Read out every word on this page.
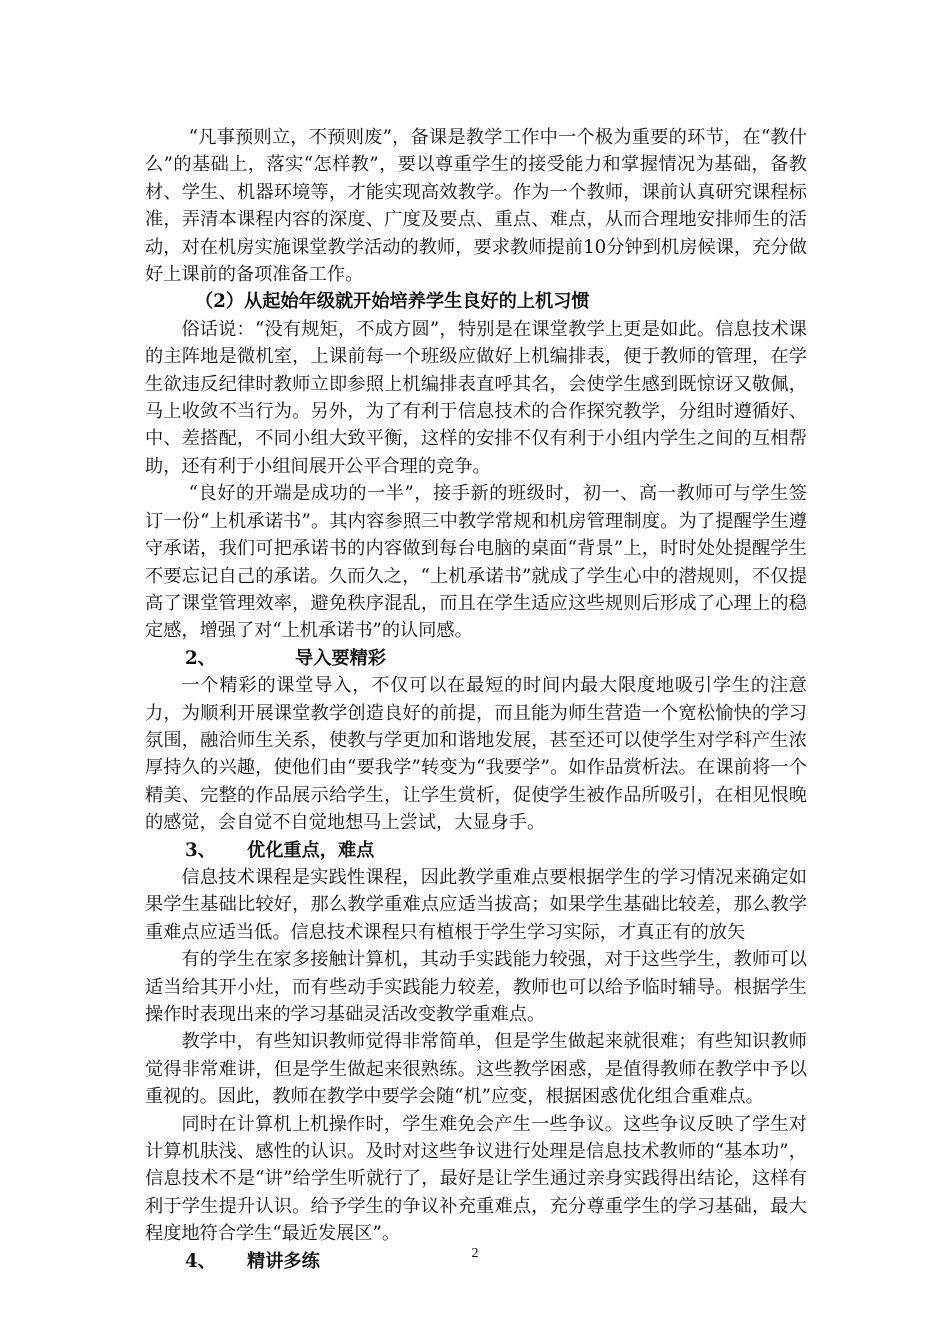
“凡事预则立，不预则废”，备课是教学工作中一个极为重要的环节，在“教什么”的基础上，落实“怎样教”，要以尊重学生的接受能力和掌握情况为基础，备教材、学生、机器环境等，才能实现高效教学。作为一个教师，课前认真研究课程标准，弄清本课程内容的深度、广度及要点、重点、难点，从而合理地安排师生的活动，对在机房实施课堂教学活动的教师，要求教师提前10分钟到机房候课，充分做好上课前的备项准备工作。

（2）从起始年级就开始培养学生良好的上机习惯

俗话说：“没有规矩，不成方圆”，特别是在课堂教学上更是如此。信息技术课的主阵地是微机室，上课前每一个班级应做好上机编排表，便于教师的管理，在学生欲违反纪律时教师立即参照上机编排表直呼其名，会使学生感到既惊讶又敬佩，马上收敛不当行为。另外，为了有利于信息技术的合作探究教学，分组时遵循好、中、差搭配，不同小组大致平衡，这样的安排不仅有利于小组内学生之间的互相帮助，还有利于小组间展开公平合理的竞争。

“良好的开端是成功的一半”，接手新的班级时，初一、高一教师可与学生签订一份“上机承诺书”。其内容参照三中教学常规和机房管理制度。为了提醒学生遵守承诺，我们可把承诺书的内容做到每台电脑的桌面“背景”上，时时处处提醒学生不要忘记自己的承诺。久而久之，“上机承诺书”就成了学生心中的潜规则，不仅提高了课堂管理效率，避免秩序混乱，而且在学生适应这些规则后形成了心理上的稳定感，增强了对“上机承诺书”的认同感。

2、	导入要精彩

一个精彩的课堂导入，不仅可以在最短的时间内最大限度地吸引学生的注意力，为顺利开展课堂教学创造良好的前提，而且能为师生营造一个宽松愉快的学习氛围，融洽师生关系，使教与学更加和谐地发展，甚至还可以使学生对学科产生浓厚持久的兴趣，使他们由“要我学”转变为“我要学”。如作品赏析法。在课前将一个精美、完整的作品展示给学生，让学生赏析，促使学生被作品所吸引，在相见恨晚的感觉，会自觉不自觉地想马上尝试，大显身手。

3、 优化重点，难点

信息技术课程是实践性课程，因此教学重难点要根据学生的学习情况来确定如果学生基础比较好，那么教学重难点应适当拔高；如果学生基础比较差，那么教学重难点应适当低。信息技术课程只有植根于学生学习实际，才真正有的放矢

有的学生在家多接触计算机，其动手实践能力较强，对于这些学生，教师可以适当给其开小灶，而有些动手实践能力较差，教师也可以给予临时辅导。根据学生操作时表现出来的学习基础灵活改变教学重难点。

教学中，有些知识教师觉得非常简单，但是学生做起来就很难；有些知识教师觉得非常难讲，但是学生做起来很熟练。这些教学困惑，是值得教师在教学中予以重视的。因此，教师在教学中要学会随“机”应变，根据困惑优化组合重难点。

同时在计算机上机操作时，学生难免会产生一些争议。这些争议反映了学生对计算机肤浅、感性的认识。及时对这些争议进行处理是信息技术教师的“基本功”，信息技术不是“讲”给学生听就行了，最好是让学生通过亲身实践得出结论，这样有利于学生提升认识。给予学生的争议补充重难点，充分尊重学生的学习基础，最大程度地符合学生“最近发展区”。

4、 精讲多练	2
